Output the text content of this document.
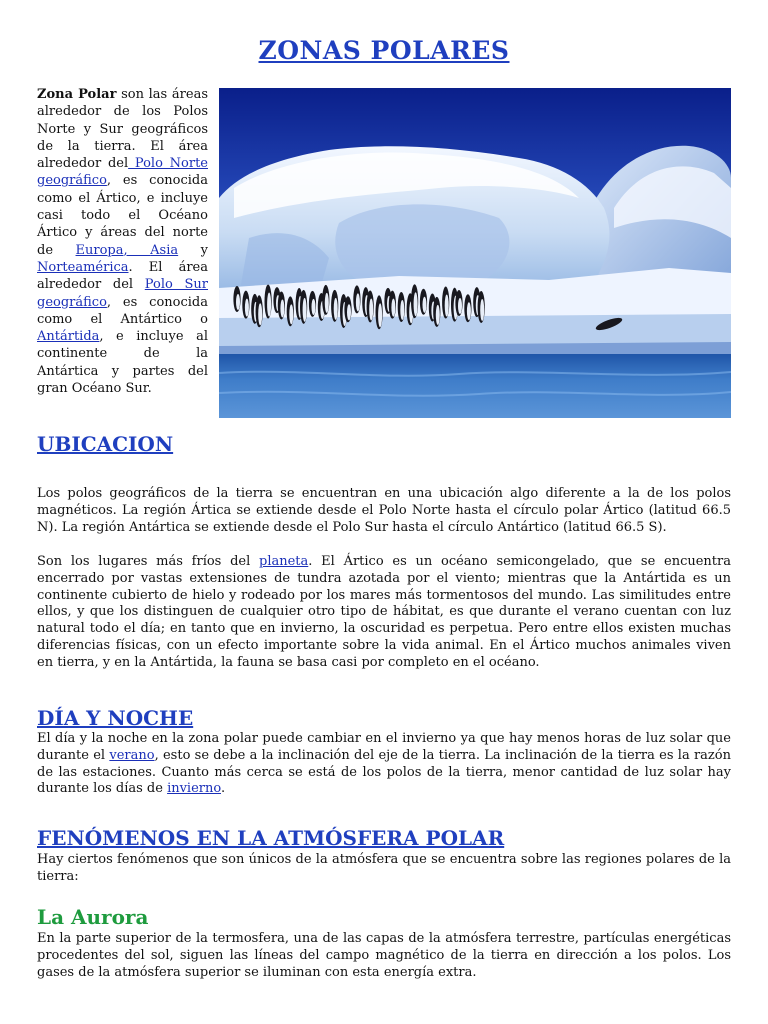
ZONAS POLARES

Zona Polar son las áreas alrededor de los Polos Norte y Sur geográficos de la tierra. El área alrededor del Polo Norte geográfico, es conocida como el Ártico, e incluye casi todo el Océano Ártico y áreas del norte de Europa, Asia y Norteamérica. El área alrededor del Polo Sur geográfico, es conocida como el Antártico o Antártida, e incluye al continente de la Antártica y partes del gran Océano Sur.

UBICACION

Los polos geográficos de la tierra se encuentran en una ubicación algo diferente a la de los polos magnéticos. La región Ártica se extiende desde el Polo Norte hasta el círculo polar Ártico (latitud 66.5 N). La región Antártica se extiende desde el Polo Sur hasta el círculo Antártico (latitud 66.5 S).

Son los lugares más fríos del planeta. El Ártico es un océano semicongelado, que se encuentra encerrado por vastas extensiones de tundra azotada por el viento; mientras que la Antártida es un continente cubierto de hielo y rodeado por los mares más tormentosos del mundo. Las similitudes entre ellos, y que los distinguen de cualquier otro tipo de hábitat, es que durante el verano cuentan con luz natural todo el día; en tanto que en invierno, la oscuridad es perpetua. Pero entre ellos existen muchas diferencias físicas, con un efecto importante sobre la vida animal. En el Ártico muchos animales viven en tierra, y en la Antártida, la fauna se basa casi por completo en el océano.

DÍA Y NOCHE

El día y la noche en la zona polar puede cambiar en el invierno ya que hay menos horas de luz solar que durante el verano, esto se debe a la inclinación del eje de la tierra. La inclinación de la tierra es la razón de las estaciones. Cuanto más cerca se está de los polos de la tierra, menor cantidad de luz solar hay durante los días de invierno.

FENÓMENOS EN LA ATMÓSFERA POLAR

Hay ciertos fenómenos que son únicos de la atmósfera que se encuentra sobre las regiones polares de la tierra:

La Aurora

En la parte superior de la termosfera, una de las capas de la atmósfera terrestre, partículas energéticas procedentes del sol, siguen las líneas del campo magnético de la tierra en dirección a los polos. Los gases de la atmósfera superior se iluminan con esta energía extra.
